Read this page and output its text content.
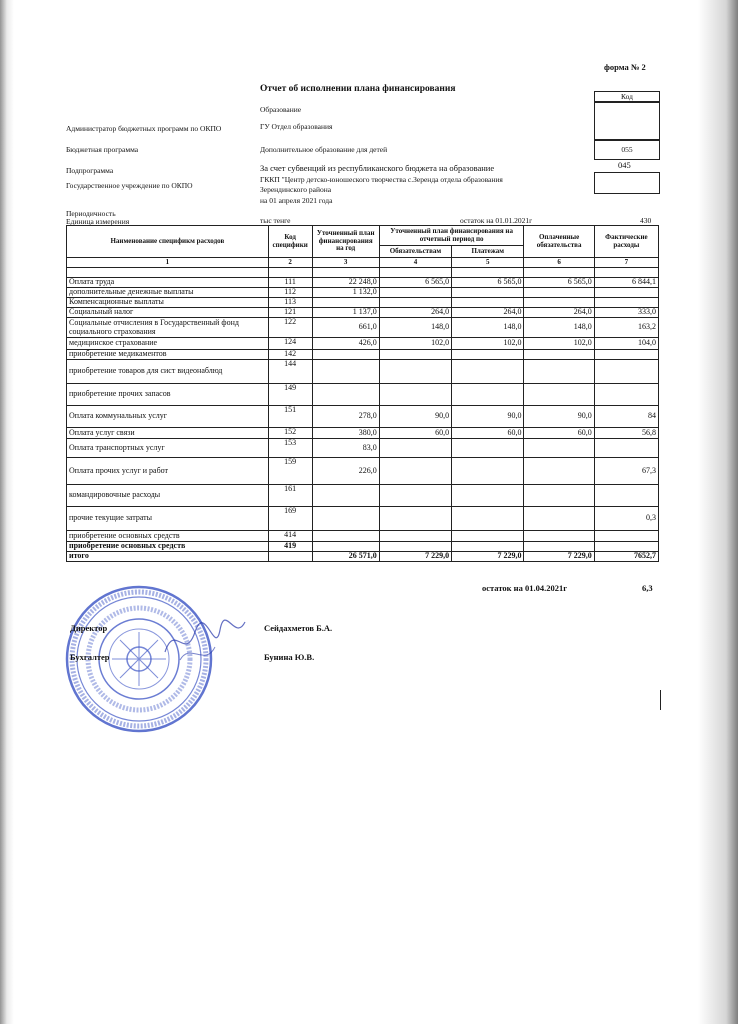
форма № 2
Отчет об исполнении плана финансирования
Код
055
045
Образование
Администратор бюджетных программ по ОКПО	ГУ Отдел образования
Бюджетная программа	Дополнительное образование для детей
Подпрограмма	За счет субвенций из республиканского бюджета на образование
Государственное учреждение по ОКПО
ГККП "Центр детско-юношеского творчества с.Зеренда отдела образования
Зерендинского района
на 01 апреля 2021 года
Периодичность
Единица измерения	тыс тенге	остаток на 01.01.2021г	430
Наименование спецификм расходов	Код специфики	Уточненный план финансирования на год	Уточненный план финансирования на отчетный период по		Оплаченные обязательства	Фактические расходы
			Обязательствам	Платежам		
1	2	3	4	5	6	7

Оплата труда	111	22 248,0	6 565,0	6 565,0	6 565,0	6 844,1
дополнительные денежные выплаты	112	1 132,0				
Компенсационные выплаты	113					
Социальный налог	121	1 137,0	264,0	264,0	264,0	333,0
Социальные отчисления в Государственный фонд социального страхования	122	661,0	148,0	148,0	148,0	163,2
медицинское страхование	124	426,0	102,0	102,0	102,0	104,0
приобретение медикаментов	142					
приобретение товаров для сист видеонаблюд	144					
приобретение прочих запасов	149					
Оплата коммунальных услуг	151	278,0	90,0	90,0	90,0	84
Оплата услуг связи	152	380,0	60,0	60,0	60,0	56,8
Оплата транспортных услуг	153	83,0				
Оплата прочих услуг и работ	159	226,0				67,3
командировочные расходы	161					
прочие текущие затраты	169					0,3
приобретение основных средств	414					
приобретение основных средств	419					
итого		26 571,0	7 229,0	7 229,0	7 229,0	7652,7
остаток на 01.04.2021г	6,3
Директор	Сейдахметов Б.А.
Бухгалтер	Бунина Ю.В.
